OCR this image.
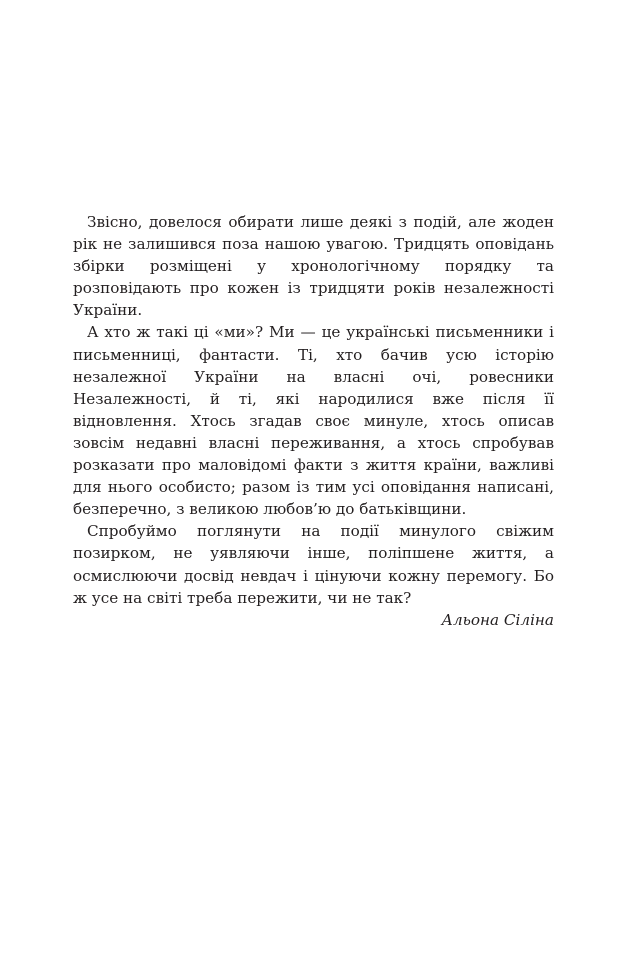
Звісно, довелося обирати лише деякі з подій, але жоден рік не залишився поза нашою увагою. Тридцять оповідань збірки розміщені у хронологічному порядку та розповідають про кожен із тридцяти років незалежності України.

А хто ж такі ці «ми»? Ми — це українські письменники і письменниці, фантасти. Ті, хто бачив усю історію незалежної України на власні очі, ровесники Незалежності, й ті, які народилися вже після її відновлення. Хтось згадав своє минуле, хтось описав зовсім недавні власні переживання, а хтось спробував розказати про маловідомі факти з життя країни, важливі для нього особисто; разом із тим усі оповідання написані, безперечно, з великою любов’ю до батьківщини.

Спробуймо поглянути на події минулого свіжим позирком, не уявляючи інше, поліпшене життя, а осмислюючи досвід невдач і цінуючи кожну перемогу. Бо ж усе на світі треба пережити, чи не так?

Альона Сіліна
